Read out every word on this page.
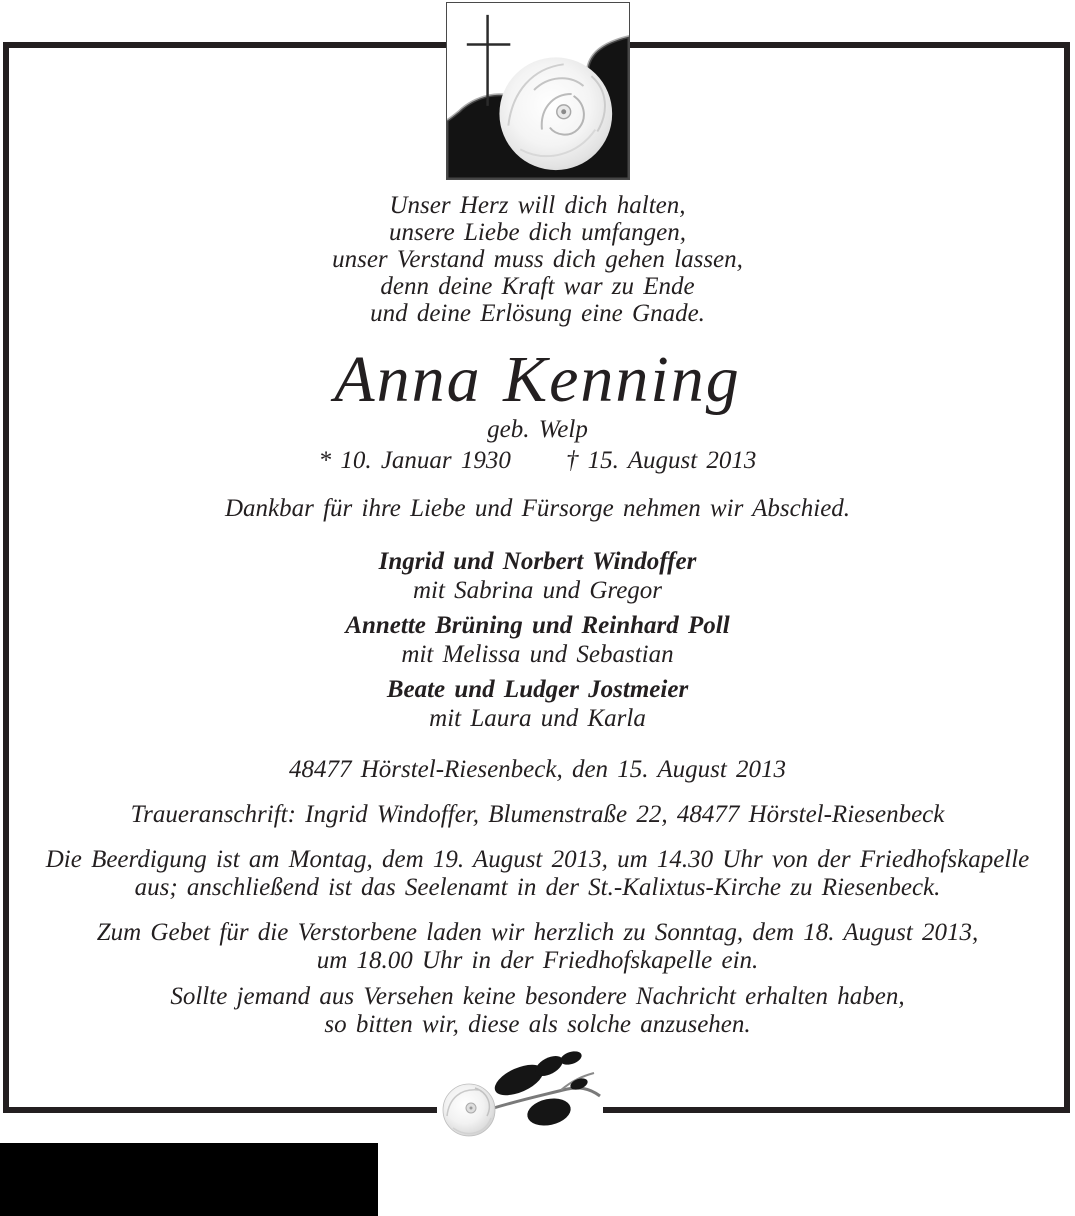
Unser Herz will dich halten,
unsere Liebe dich umfangen,
unser Verstand muss dich gehen lassen,
denn deine Kraft war zu Ende
und deine Erlösung eine Gnade.
Anna Kenning
geb. Welp
* 10. Januar 1930 † 15. August 2013
Dankbar für ihre Liebe und Fürsorge nehmen wir Abschied.
Ingrid und Norbert Windoffer
mit Sabrina und Gregor
Annette Brüning und Reinhard Poll
mit Melissa und Sebastian
Beate und Ludger Jostmeier
mit Laura und Karla
48477 Hörstel-Riesenbeck, den 15. August 2013
Traueranschrift: Ingrid Windoffer, Blumenstraße 22, 48477 Hörstel-Riesenbeck
Die Beerdigung ist am Montag, dem 19. August 2013, um 14.30 Uhr von der Friedhofskapelle
aus; anschließend ist das Seelenamt in der St.-Kalixtus-Kirche zu Riesenbeck.
Zum Gebet für die Verstorbene laden wir herzlich zu Sonntag, dem 18. August 2013,
um 18.00 Uhr in der Friedhofskapelle ein.
Sollte jemand aus Versehen keine besondere Nachricht erhalten haben,
so bitten wir, diese als solche anzusehen.
